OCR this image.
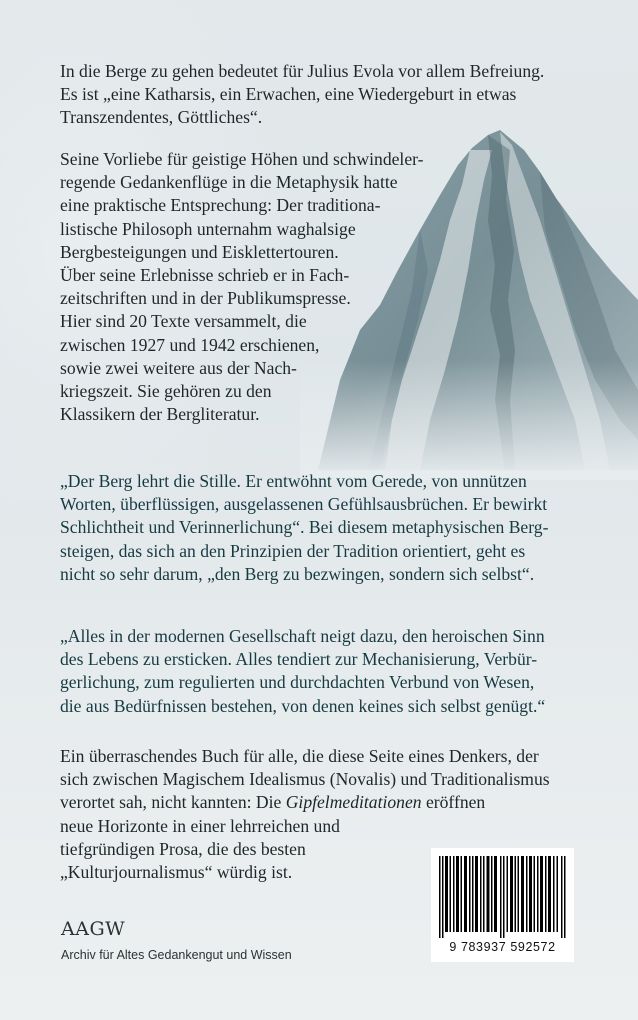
In die Berge zu gehen bedeutet für Julius Evola vor allem Befreiung.
Es ist „eine Katharsis, ein Erwachen, eine Wiedergeburt in etwas
Transzendentes, Göttliches“.
Seine Vorliebe für geistige Höhen und schwindeler-
regende Gedankenflüge in die Metaphysik hatte
eine praktische Entsprechung: Der traditiona-
listische Philosoph unternahm waghalsige
Bergbesteigungen und Eisklettertouren.
Über seine Erlebnisse schrieb er in Fach-
zeitschriften und in der Publikumspresse.
Hier sind 20 Texte versammelt, die
zwischen 1927 und 1942 erschienen,
sowie zwei weitere aus der Nach-
kriegszeit. Sie gehören zu den
Klassikern der Bergliteratur.
„Der Berg lehrt die Stille. Er entwöhnt vom Gerede, von unnützen
Worten, überflüssigen, ausgelassenen Gefühlsausbrüchen. Er bewirkt
Schlichtheit und Verinnerlichung“. Bei diesem metaphysischen Berg-
steigen, das sich an den Prinzipien der Tradition orientiert, geht es
nicht so sehr darum, „den Berg zu bezwingen, sondern sich selbst“.
„Alles in der modernen Gesellschaft neigt dazu, den heroischen Sinn
des Lebens zu ersticken. Alles tendiert zur Mechanisierung, Verbür-
gerlichung, zum regulierten und durchdachten Verbund von Wesen,
die aus Bedürfnissen bestehen, von denen keines sich selbst genügt.“
Ein überraschendes Buch für alle, die diese Seite eines Denkers, der
sich zwischen Magischem Idealismus (Novalis) und Traditionalismus
verortet sah, nicht kannten: Die Gipfelmeditationen eröffnen
neue Horizonte in einer lehrreichen und
tiefgründigen Prosa, die des besten
„Kulturjournalismus“ würdig ist.
AAGW
Archiv für Altes Gedankengut und Wissen
9 783937 592572
